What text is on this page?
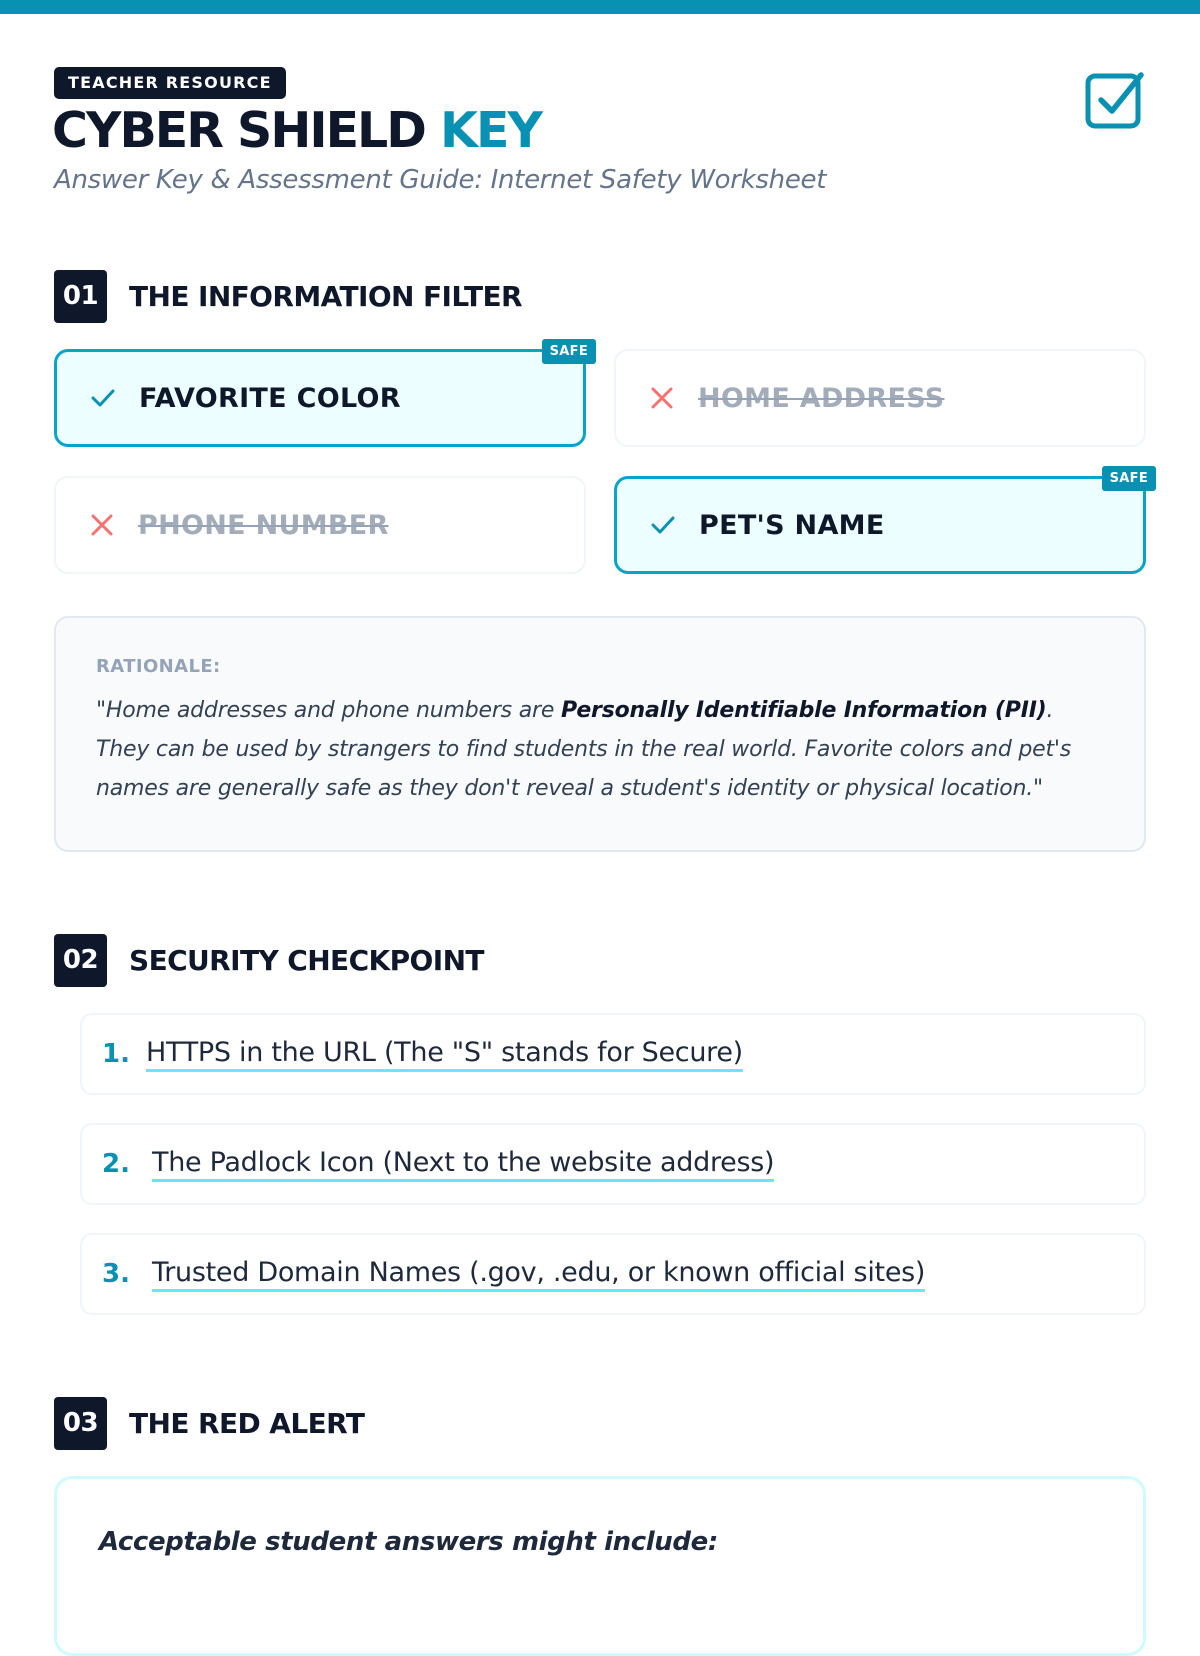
TEACHER RESOURCE
CYBER SHIELD KEY
Answer Key & Assessment Guide: Internet Safety Worksheet
01	THE INFORMATION FILTER
FAVORITE COLOR
SAFE
HOME ADDRESS
PHONE NUMBER	PET'S NAME
SAFE
RATIONALE:
"Home addresses and phone numbers are Personally Identifiable Information (PII). They can be used by strangers to find students in the real world. Favorite colors and pet's names are generally safe as they don't reveal a student's identity or physical location."
02	SECURITY CHECKPOINT
1. HTTPS in the URL (The "S" stands for Secure)
2. The Padlock Icon (Next to the website address)
3. Trusted Domain Names (.gov, .edu, or known official sites)
03	THE RED ALERT
Acceptable student answers might include:
